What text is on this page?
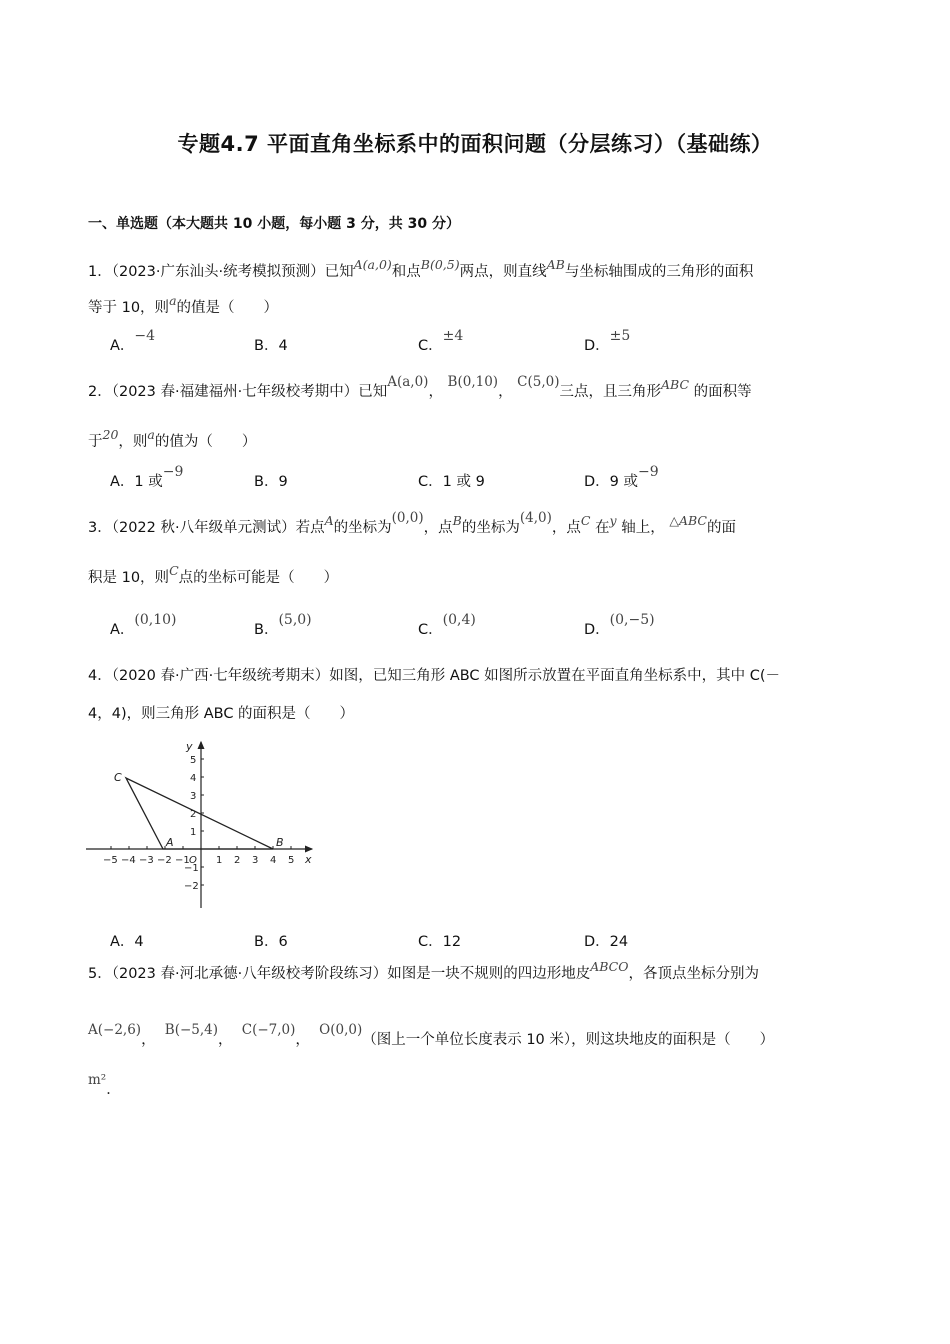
专题4.7 平面直角坐标系中的面积问题（分层练习）（基础练）
一、单选题（本大题共 10 小题，每小题 3 分，共 30 分）
1．（2023·广东汕头·统考模拟预测）已知A(a,0)和点B(0,5)两点，则直线AB与坐标轴围成的三角形的面积
等于 10，则a的值是（　　）
A．−4
B．4	C．±4
D．±5
2．（2023 春·福建福州·七年级校考期中）已知A(a,0)， B(0,10)， C(5,0)三点，且三角形ABC 的面积等
于20，则a的值为（　　）
A．1 或−9
B．9	C．1 或 9	D．9 或−9
3．（2022 秋·八年级单元测试）若点A的坐标为(0,0)，点B的坐标为(4,0)，点C 在y 轴上， △ABC的面
积是 10，则C点的坐标可能是（　　）
A．(0,10)
B．(5,0)
C．(0,4)
D．(0,−5)
4．（2020 春·广西·七年级统考期末）如图，已知三角形 ABC 如图所示放置在平面直角坐标系中，其中 C(－
4，4)，则三角形 ABC 的面积是（　　）
−5 −4 −3 −2 −1	1 2 3 4 5
5
4
3
2
1
−1
−2
C
A	B
O	x
y
A．4	B．6	C．12	D．24
5．（2023 春·河北承德·八年级校考阶段练习）如图是一块不规则的四边形地皮ABCO，各顶点坐标分别为
A(−2,6)，  B(−5,4)，  C(−7,0)，  O(0,0)（图上一个单位长度表示 10 米），则这块地皮的面积是（　　）
m²．
